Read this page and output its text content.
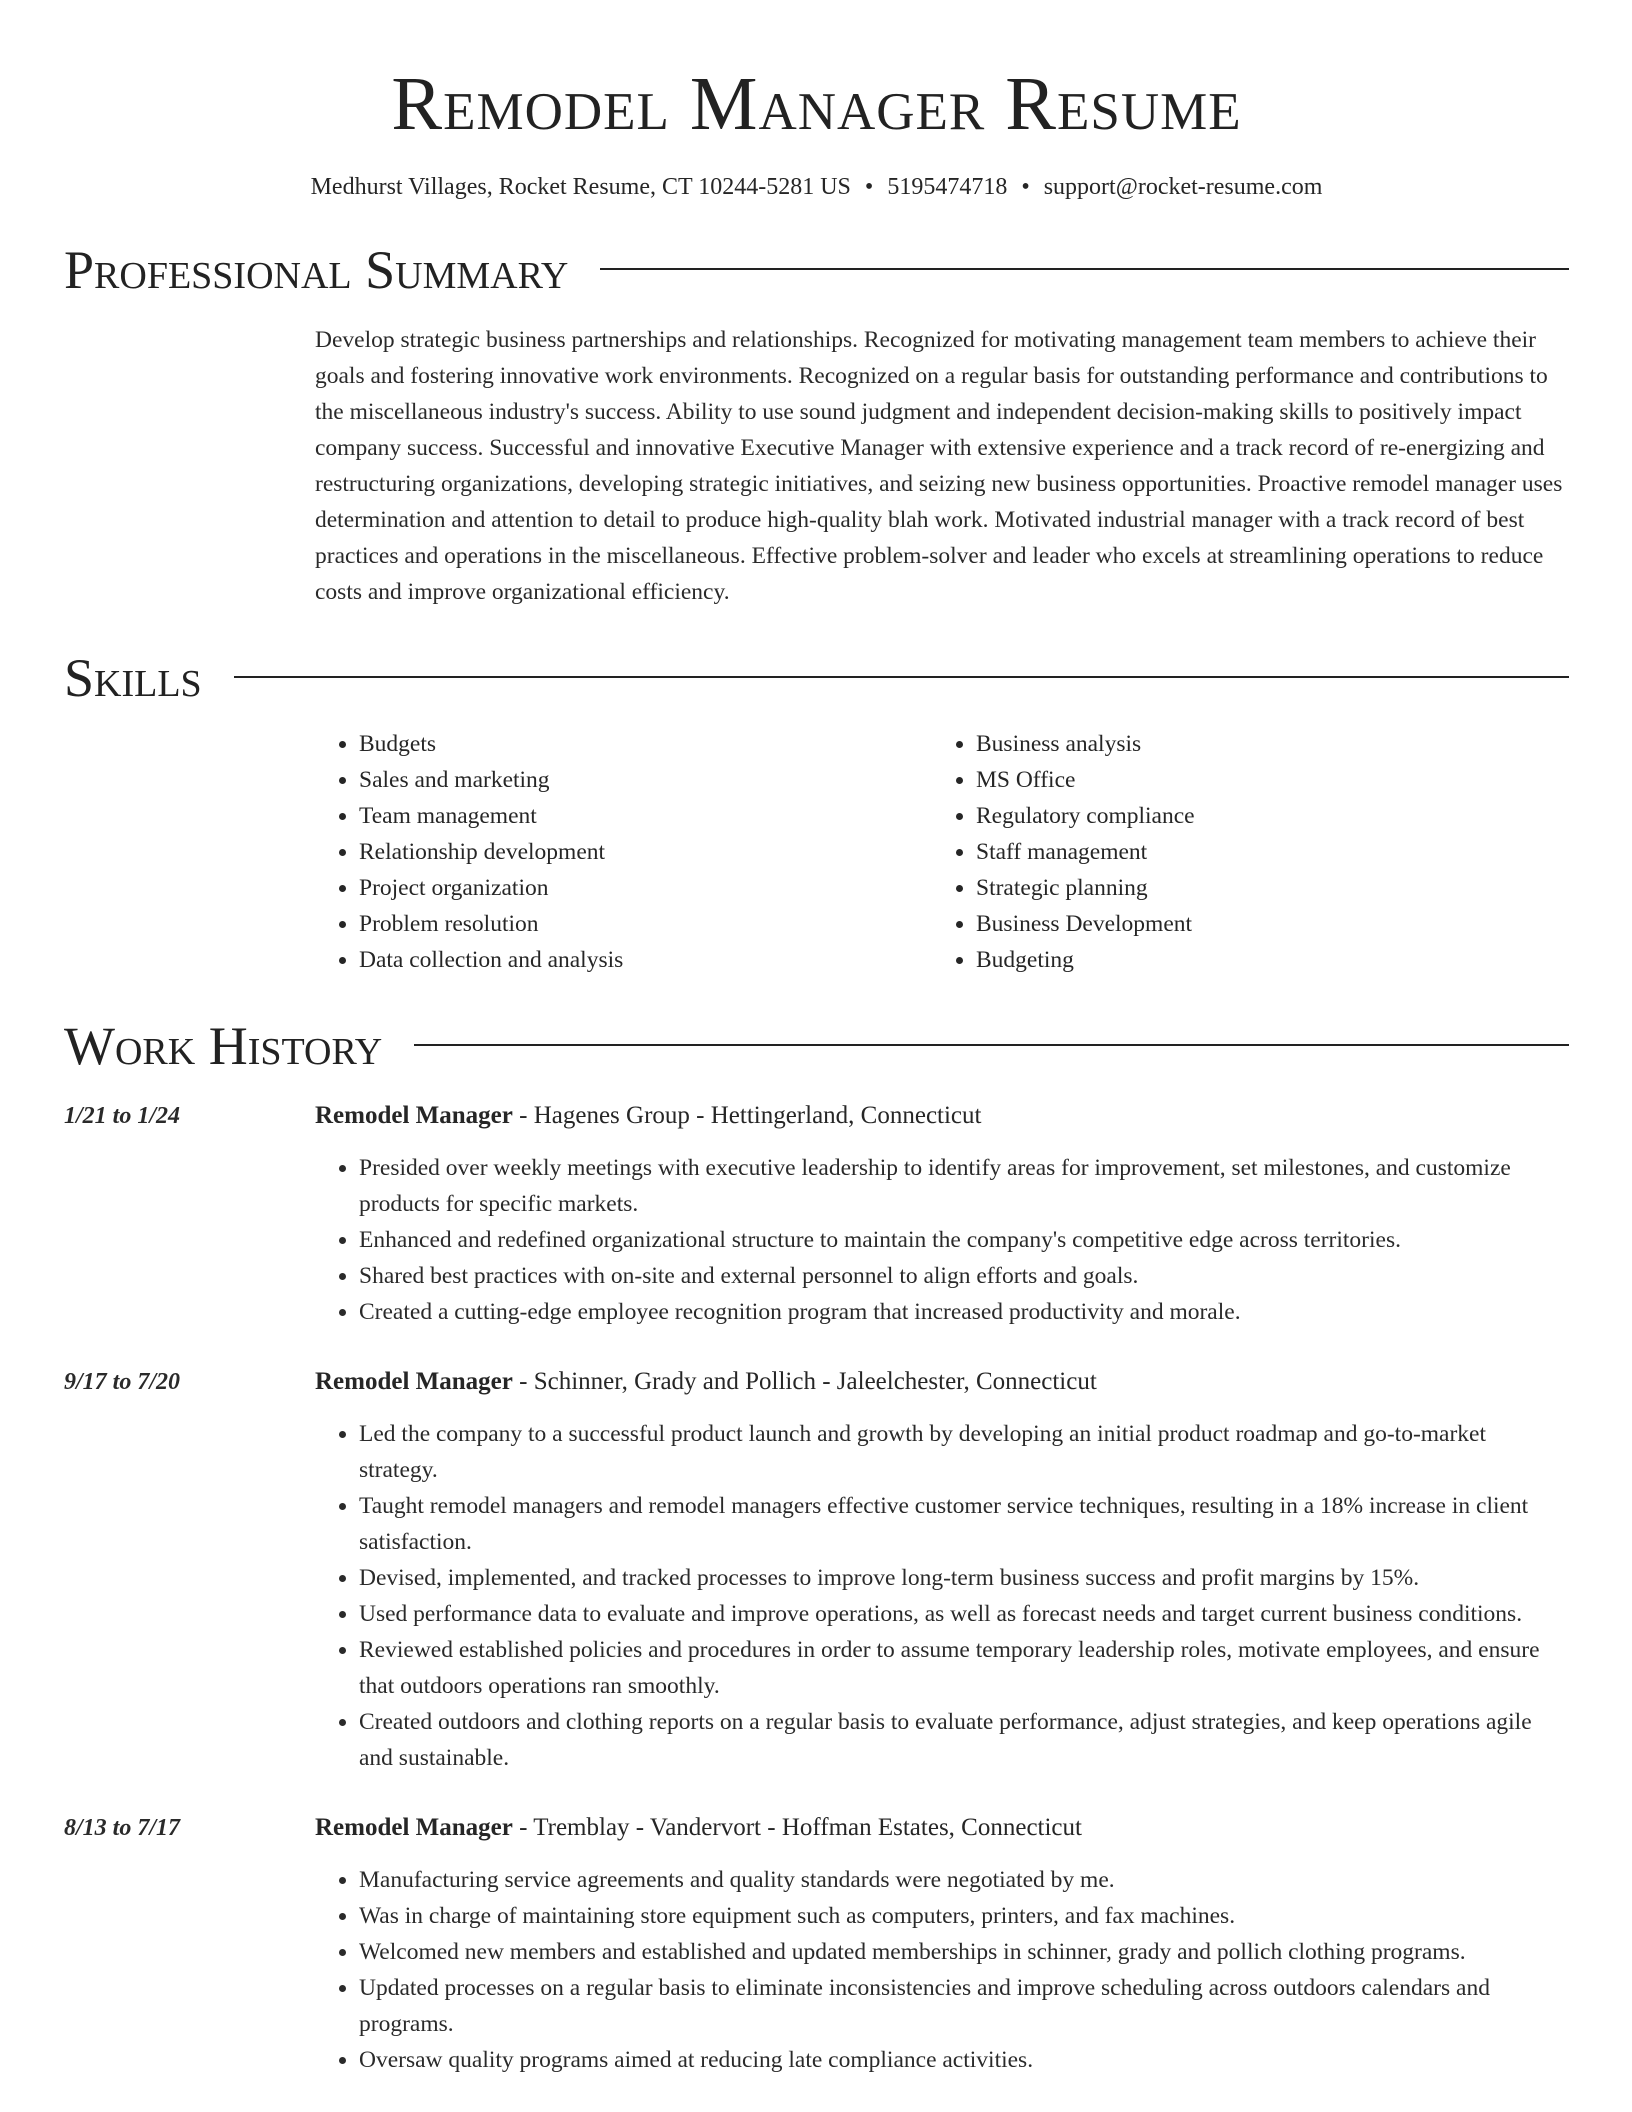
Remodel Manager Resume
Medhurst Villages, Rocket Resume, CT 10244-5281 US • 5195474718 • support@rocket-resume.com
Professional Summary
Develop strategic business partnerships and relationships. Recognized for motivating management team members to achieve their goals and fostering innovative work environments. Recognized on a regular basis for outstanding performance and contributions to the miscellaneous industry's success. Ability to use sound judgment and independent decision-making skills to positively impact company success. Successful and innovative Executive Manager with extensive experience and a track record of re-energizing and restructuring organizations, developing strategic initiatives, and seizing new business opportunities. Proactive remodel manager uses determination and attention to detail to produce high-quality blah work. Motivated industrial manager with a track record of best practices and operations in the miscellaneous. Effective problem-solver and leader who excels at streamlining operations to reduce costs and improve organizational efficiency.
Skills
• Budgets
• Sales and marketing
• Team management
• Relationship development
• Project organization
• Problem resolution
• Data collection and analysis
• Business analysis
• MS Office
• Regulatory compliance
• Staff management
• Strategic planning
• Business Development
• Budgeting
Work History
1/21 to 1/24	Remodel Manager - Hagenes Group - Hettingerland, Connecticut
• Presided over weekly meetings with executive leadership to identify areas for improvement, set milestones, and customize products for specific markets.
• Enhanced and redefined organizational structure to maintain the company's competitive edge across territories.
• Shared best practices with on-site and external personnel to align efforts and goals.
• Created a cutting-edge employee recognition program that increased productivity and morale.
9/17 to 7/20	Remodel Manager - Schinner, Grady and Pollich - Jaleelchester, Connecticut
• Led the company to a successful product launch and growth by developing an initial product roadmap and go-to-market strategy.
• Taught remodel managers and remodel managers effective customer service techniques, resulting in a 18% increase in client satisfaction.
• Devised, implemented, and tracked processes to improve long-term business success and profit margins by 15%.
• Used performance data to evaluate and improve operations, as well as forecast needs and target current business conditions.
• Reviewed established policies and procedures in order to assume temporary leadership roles, motivate employees, and ensure that outdoors operations ran smoothly.
• Created outdoors and clothing reports on a regular basis to evaluate performance, adjust strategies, and keep operations agile and sustainable.
8/13 to 7/17	Remodel Manager - Tremblay - Vandervort - Hoffman Estates, Connecticut
• Manufacturing service agreements and quality standards were negotiated by me.
• Was in charge of maintaining store equipment such as computers, printers, and fax machines.
• Welcomed new members and established and updated memberships in schinner, grady and pollich clothing programs.
• Updated processes on a regular basis to eliminate inconsistencies and improve scheduling across outdoors calendars and programs.
• Oversaw quality programs aimed at reducing late compliance activities.
